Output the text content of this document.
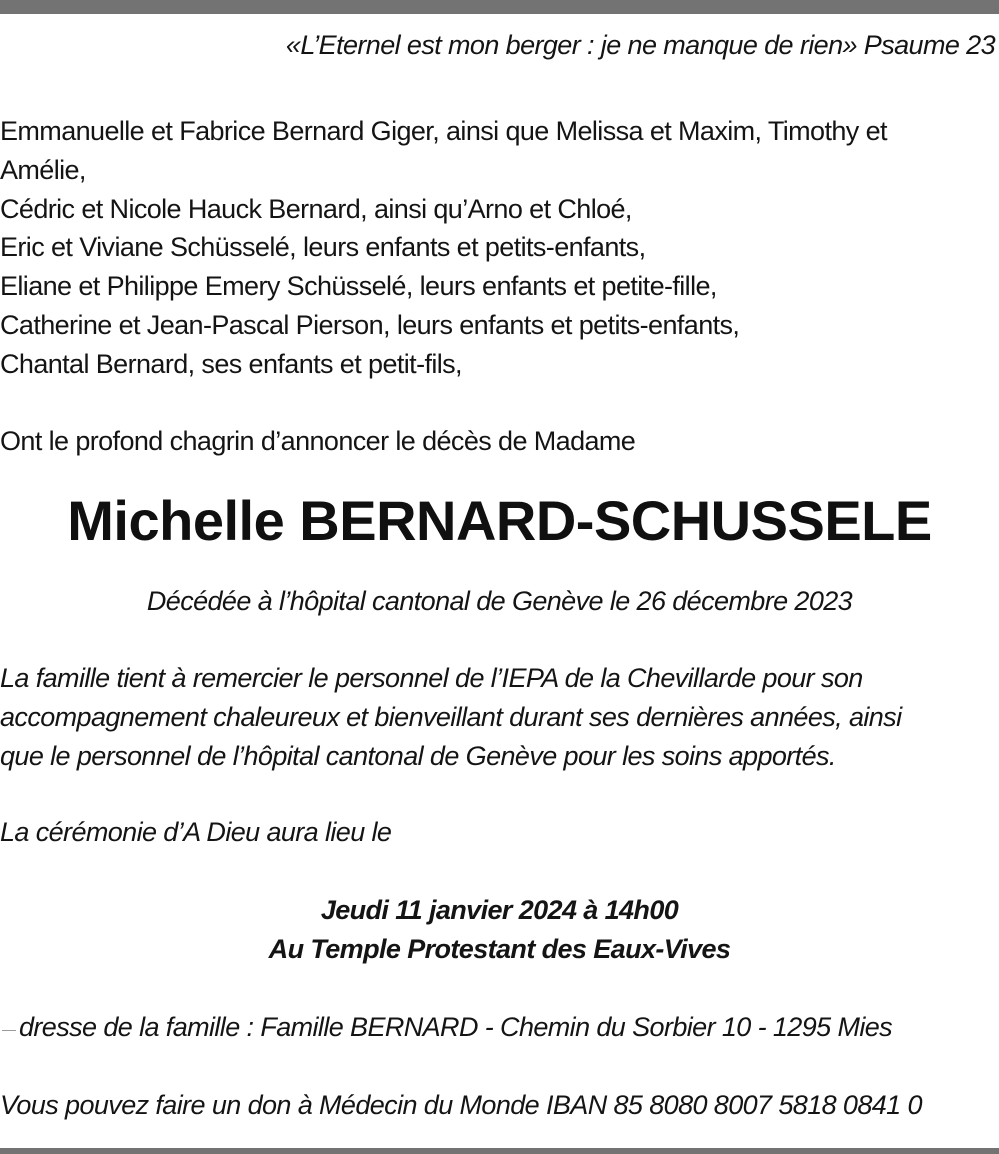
«L’Eternel est mon berger : je ne manque de rien» Psaume 23
Emmanuelle et Fabrice Bernard Giger, ainsi que Melissa et Maxim, Timothy et
Amélie,
Cédric et Nicole Hauck Bernard, ainsi qu’Arno et Chloé,
Eric et Viviane Schüsselé, leurs enfants et petits-enfants,
Eliane et Philippe Emery Schüsselé, leurs enfants et petite-fille,
Catherine et Jean-Pascal Pierson, leurs enfants et petits-enfants,
Chantal Bernard, ses enfants et petit-fils,
Ont le profond chagrin d’annoncer le décès de Madame
Michelle BERNARD-SCHUSSELE
Décédée à l’hôpital cantonal de Genève le 26 décembre 2023
La famille tient à remercier le personnel de l’IEPA de la Chevillarde pour son
accompagnement chaleureux et bienveillant durant ses dernières années, ainsi
que le personnel de l’hôpital cantonal de Genève pour les soins apportés.
La cérémonie d’A Dieu aura lieu le
Jeudi 11 janvier 2024 à 14h00
Au Temple Protestant des Eaux-Vives
dresse de la famille : Famille BERNARD - Chemin du Sorbier 10 - 1295 Mies
Vous pouvez faire un don à Médecin du Monde IBAN 85 8080 8007 5818 0841 0
